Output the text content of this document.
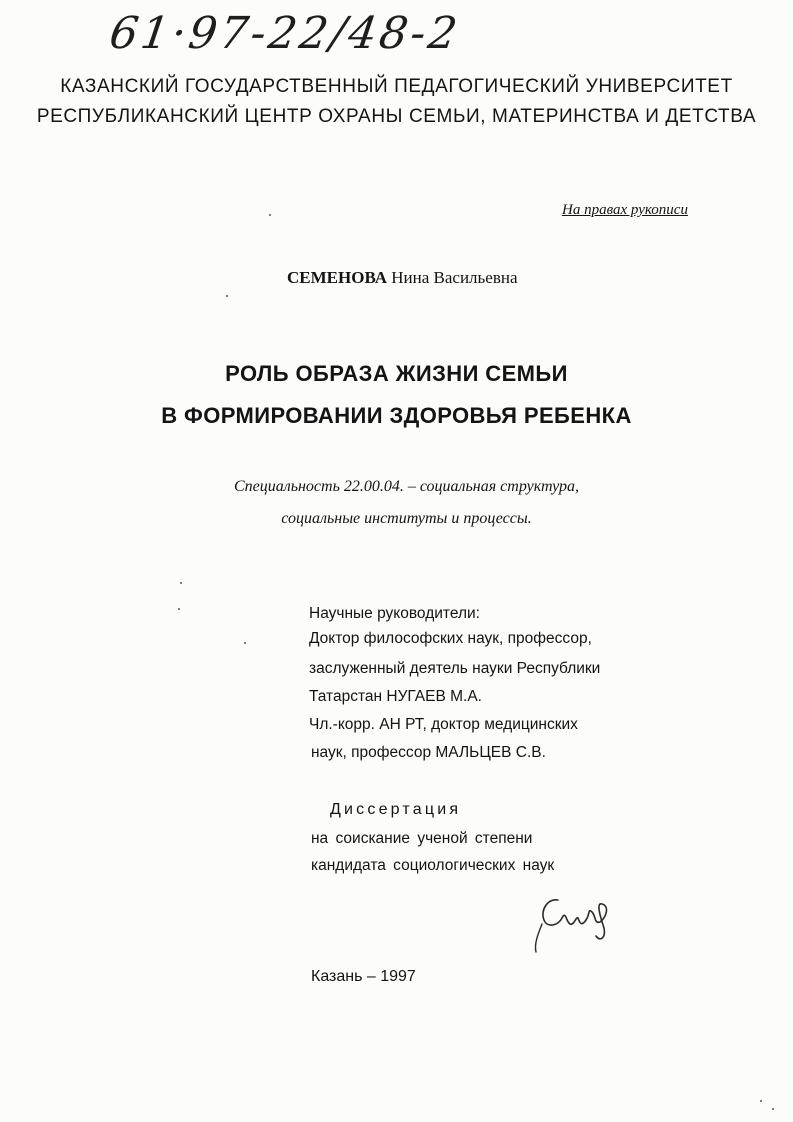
61·97-22/48-2
КАЗАНСКИЙ ГОСУДАРСТВЕННЫЙ ПЕДАГОГИЧЕСКИЙ УНИВЕРСИТЕТ
РЕСПУБЛИКАНСКИЙ ЦЕНТР ОХРАНЫ СЕМЬИ, МАТЕРИНСТВА И ДЕТСТВА
На правах рукописи
СЕМЕНОВА Нина Васильевна
РОЛЬ ОБРАЗА ЖИЗНИ СЕМЬИ
В ФОРМИРОВАНИИ ЗДОРОВЬЯ РЕБЕНКА
Специальность 22.00.04. – социальная структура,
социальные институты и процессы.
Научные руководители:
Доктор философских наук, профессор,
заслуженный деятель науки Республики
Татарстан НУГАЕВ М.А.
Чл.-корр. АН РТ, доктор медицинских
наук, профессор МАЛЬЦЕВ С.В.
Диссертация
на соискание ученой степени
кандидата социологических наук
Казань – 1997
